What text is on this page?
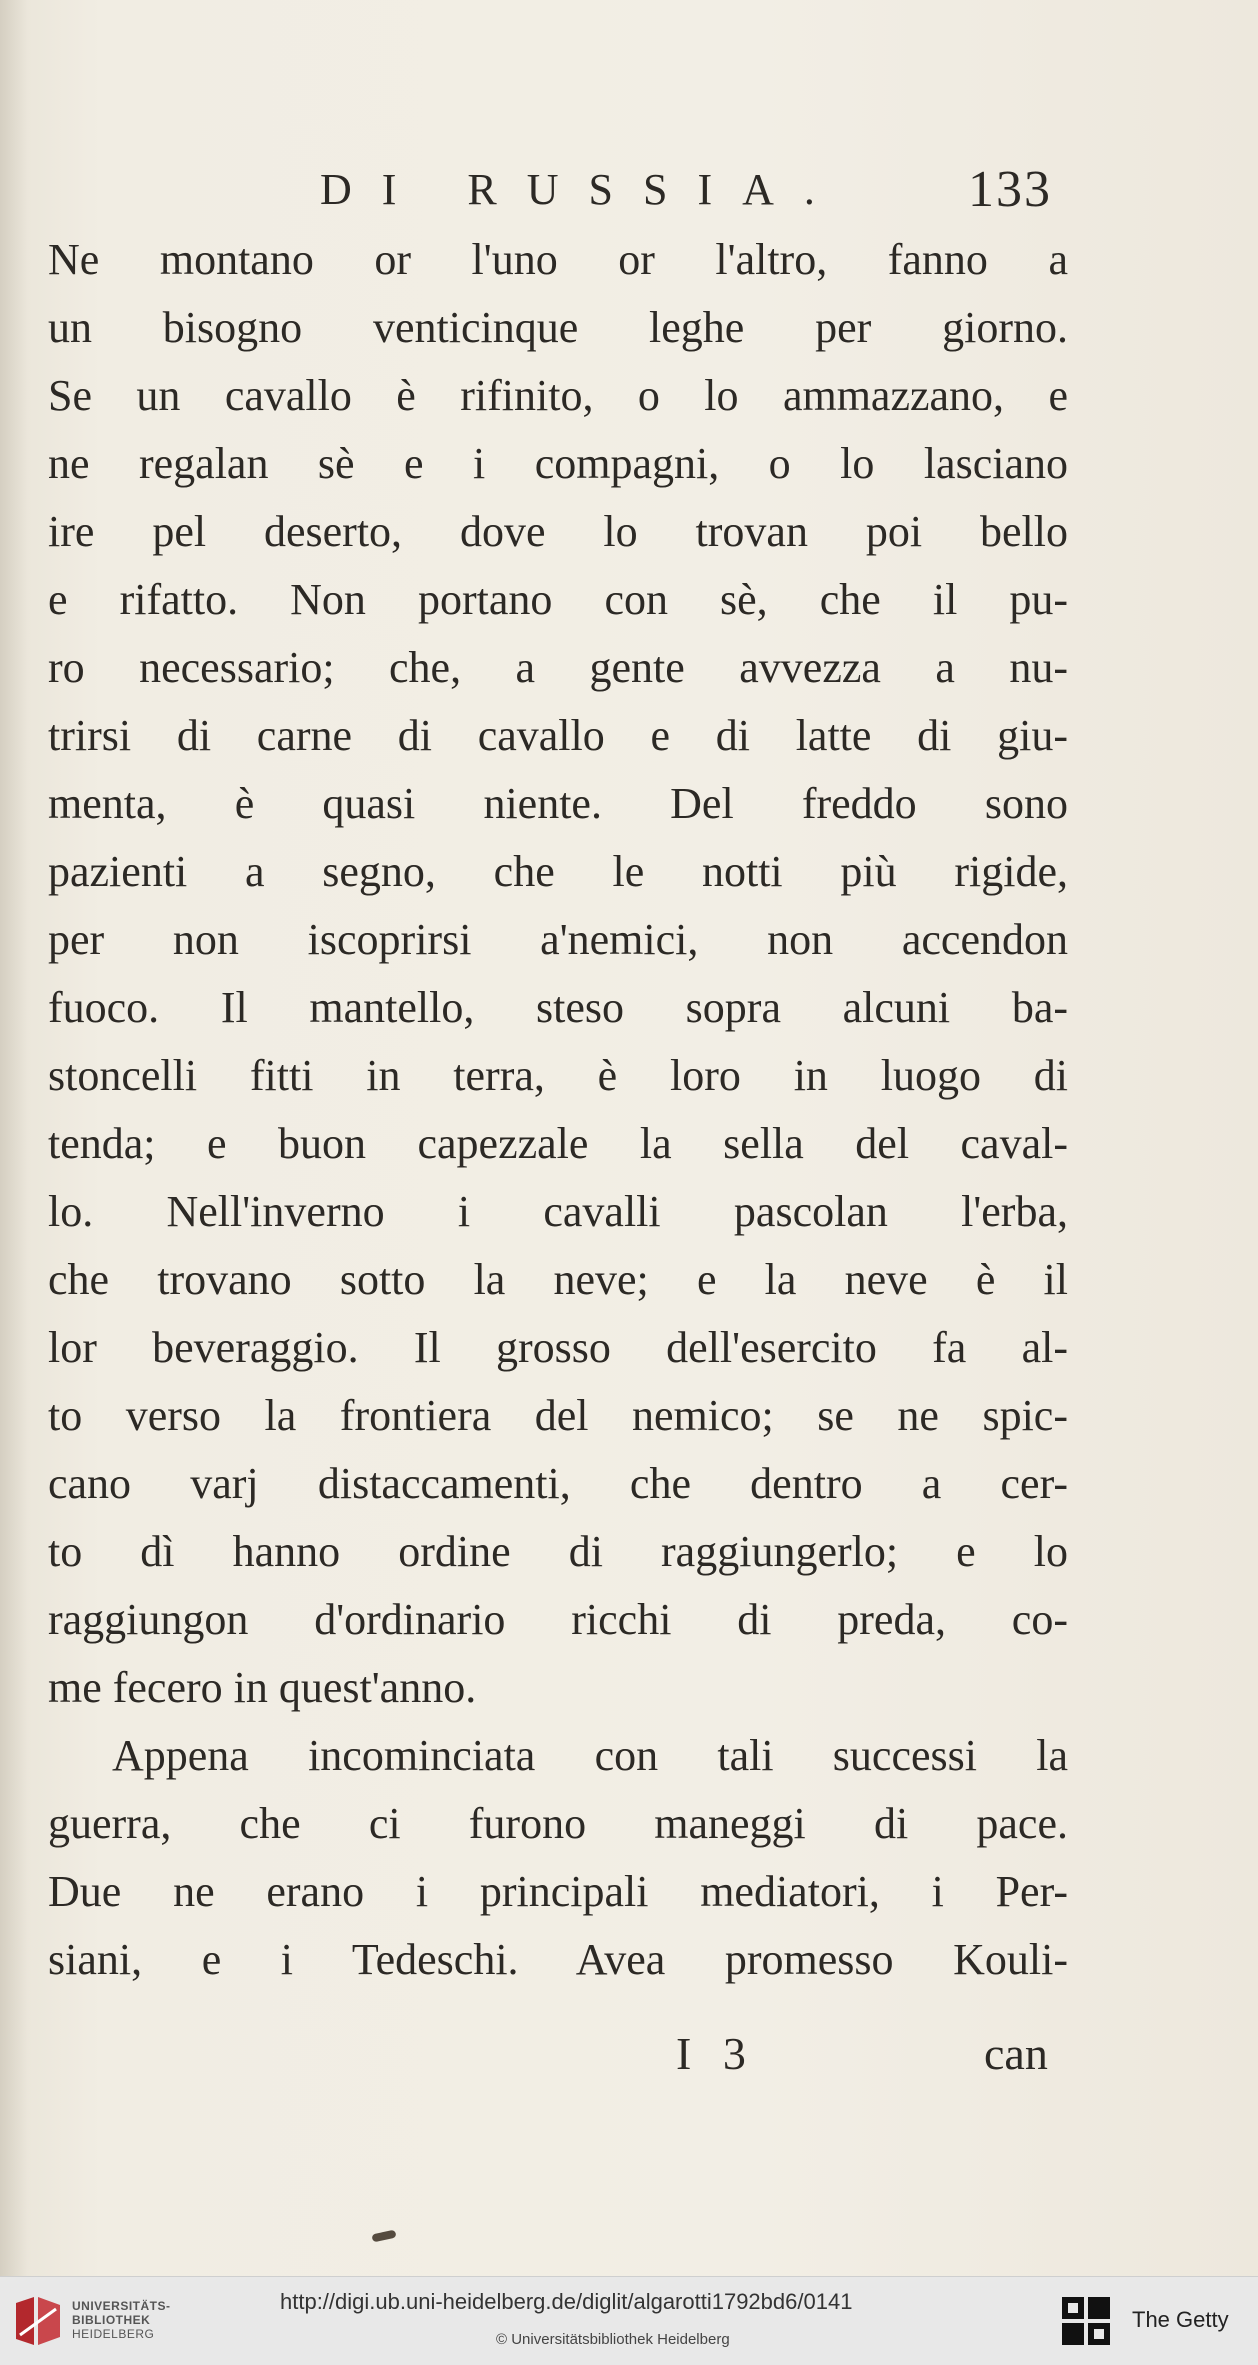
DI RUSSIA. 133
Ne montano or l'uno or l'altro, fanno a
un bisogno venticinque leghe per giorno.
Se un cavallo è rifinito, o lo ammazzano, e
ne regalan sè e i compagni, o lo lasciano
ire pel deserto, dove lo trovan poi bello
e rifatto. Non portano con sè, che il pu-
ro necessario; che, a gente avvezza a nu-
trirsi di carne di cavallo e di latte di giu-
menta, è quasi niente. Del freddo sono
pazienti a segno, che le notti più rigide,
per non iscoprirsi a'nemici, non accendon
fuoco. Il mantello, steso sopra alcuni ba-
stoncelli fitti in terra, è loro in luogo di
tenda; e buon capezzale la sella del caval-
lo. Nell'inverno i cavalli pascolan l'erba,
che trovano sotto la neve; e la neve è il
lor beveraggio. Il grosso dell'esercito fa al-
to verso la frontiera del nemico; se ne spic-
cano varj distaccamenti, che dentro a cer-
to dì hanno ordine di raggiungerlo; e lo
raggiungon d'ordinario ricchi di preda, co-
me fecero in quest'anno.
Appena incominciata con tali successi la
guerra, che ci furono maneggi di pace.
Due ne erano i principali mediatori, i Per-
siani, e i Tedeschi. Avea promesso Kouli-
I 3	can
UNIVERSITÄTS-
BIBLIOTHEK
HEIDELBERG
http://digi.ub.uni-heidelberg.de/diglit/algarotti1792bd6/0141
© Universitätsbibliothek Heidelberg
The Getty
